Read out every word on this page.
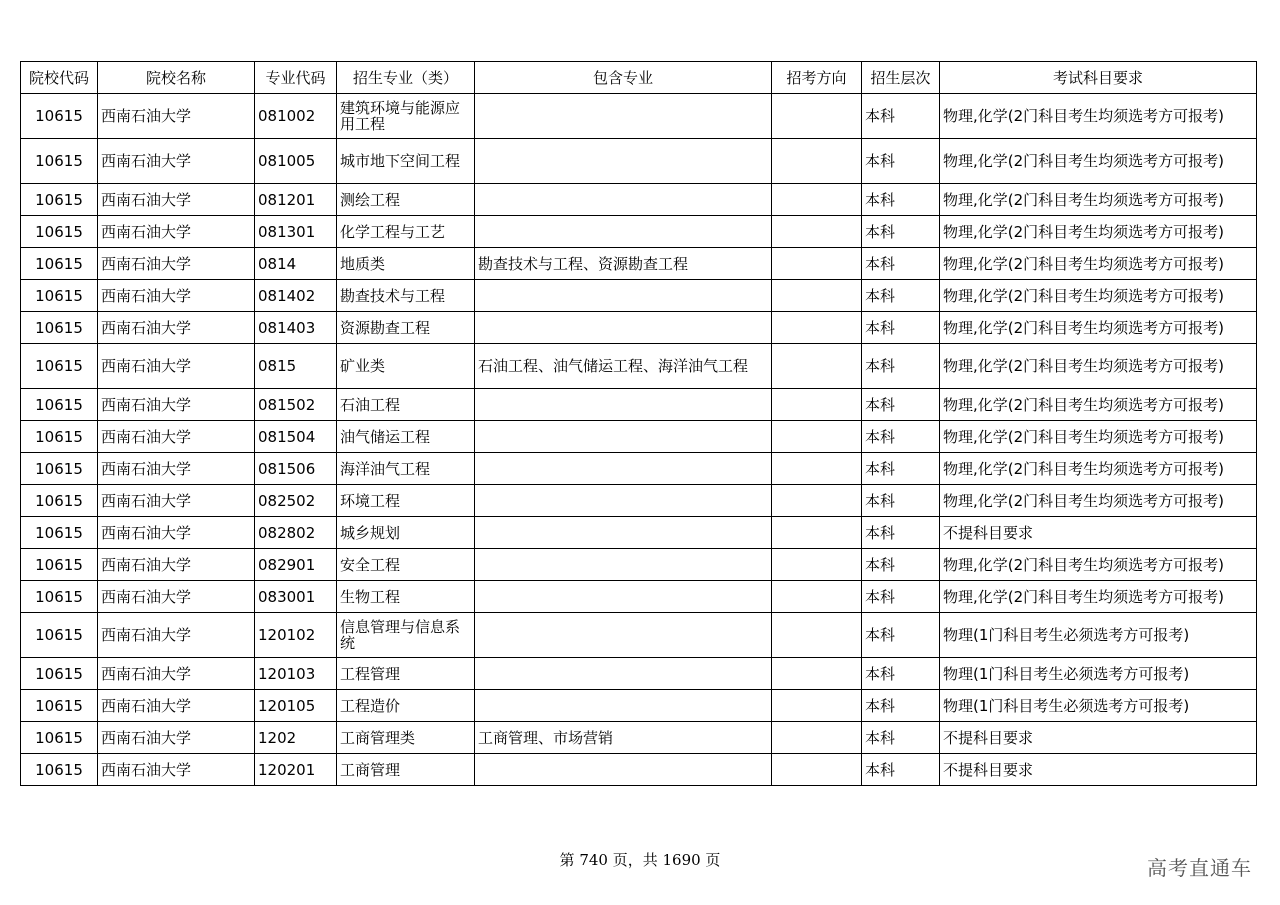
院校代码	院校名称	专业代码	招生专业（类）	包含专业	招考方向	招生层次	考试科目要求
10615	西南石油大学	081002	建筑环境与能源应用工程			本科	物理,化学(2门科目考生均须选考方可报考)
10615	西南石油大学	081005	城市地下空间工程			本科	物理,化学(2门科目考生均须选考方可报考)
10615	西南石油大学	081201	测绘工程			本科	物理,化学(2门科目考生均须选考方可报考)
10615	西南石油大学	081301	化学工程与工艺			本科	物理,化学(2门科目考生均须选考方可报考)
10615	西南石油大学	0814	地质类	勘查技术与工程、资源勘查工程		本科	物理,化学(2门科目考生均须选考方可报考)
10615	西南石油大学	081402	勘查技术与工程			本科	物理,化学(2门科目考生均须选考方可报考)
10615	西南石油大学	081403	资源勘查工程			本科	物理,化学(2门科目考生均须选考方可报考)
10615	西南石油大学	0815	矿业类	石油工程、油气储运工程、海洋油气工程		本科	物理,化学(2门科目考生均须选考方可报考)
10615	西南石油大学	081502	石油工程			本科	物理,化学(2门科目考生均须选考方可报考)
10615	西南石油大学	081504	油气储运工程			本科	物理,化学(2门科目考生均须选考方可报考)
10615	西南石油大学	081506	海洋油气工程			本科	物理,化学(2门科目考生均须选考方可报考)
10615	西南石油大学	082502	环境工程			本科	物理,化学(2门科目考生均须选考方可报考)
10615	西南石油大学	082802	城乡规划			本科	不提科目要求
10615	西南石油大学	082901	安全工程			本科	物理,化学(2门科目考生均须选考方可报考)
10615	西南石油大学	083001	生物工程			本科	物理,化学(2门科目考生均须选考方可报考)
10615	西南石油大学	120102	信息管理与信息系统			本科	物理(1门科目考生必须选考方可报考)
10615	西南石油大学	120103	工程管理			本科	物理(1门科目考生必须选考方可报考)
10615	西南石油大学	120105	工程造价			本科	物理(1门科目考生必须选考方可报考)
10615	西南石油大学	1202	工商管理类	工商管理、市场营销		本科	不提科目要求
10615	西南石油大学	120201	工商管理			本科	不提科目要求
第 740 页，共 1690 页	高考直通车
